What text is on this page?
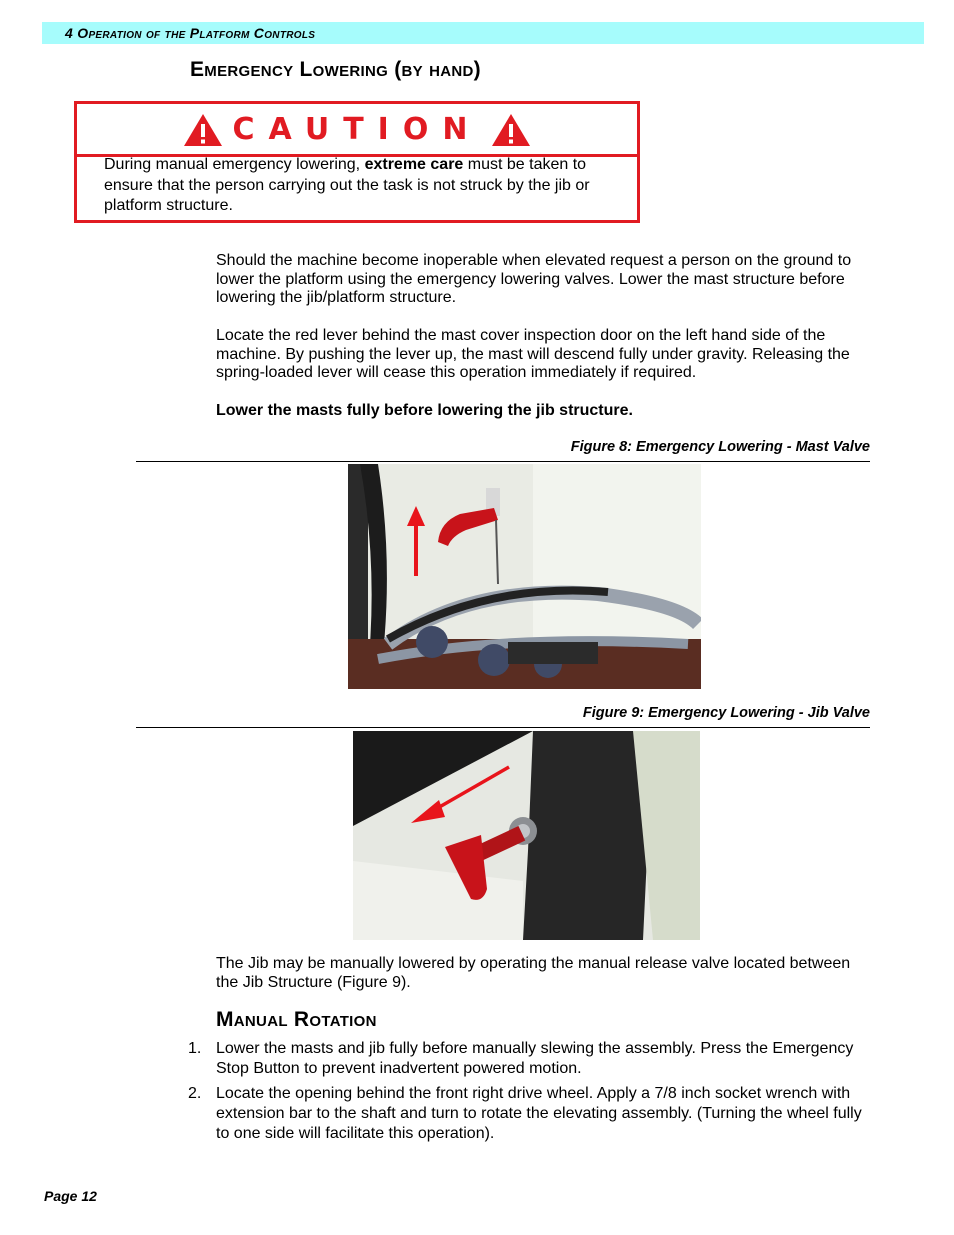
4 Operation of the Platform Controls
Emergency Lowering (by hand)
CAUTION
During manual emergency lowering, extreme care must be taken to ensure that the person carrying out the task is not struck by the jib or platform structure.
Should the machine become inoperable when elevated request a person on the ground to lower the platform using the emergency lowering valves. Lower the mast structure before lowering the jib/platform structure.
Locate the red lever behind the mast cover inspection door on the left hand side of the machine. By pushing the lever up, the mast will descend fully under gravity. Releasing the spring-loaded lever will cease this operation immediately if required.
Lower the masts fully before lowering the jib structure.
Figure 8: Emergency Lowering - Mast Valve
Figure 9: Emergency Lowering - Jib Valve
The Jib may be manually lowered by operating the manual release valve located between the Jib Structure (Figure 9).
Manual Rotation
1. Lower the masts and jib fully before manually slewing the assembly. Press the Emergency Stop Button to prevent inadvertent powered motion.
2. Locate the opening behind the front right drive wheel. Apply a 7/8 inch socket wrench with extension bar to the shaft and turn to rotate the elevating assembly. (Turning the wheel fully to one side will facilitate this operation).
Page 12
